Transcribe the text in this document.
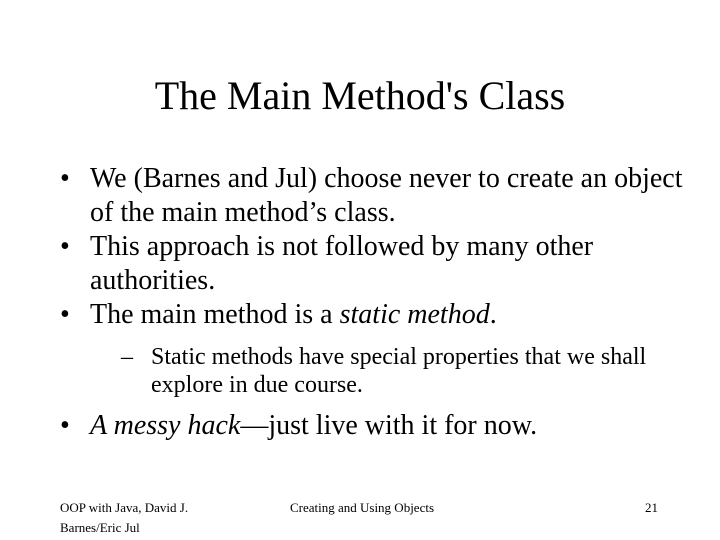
The Main Method's Class
• We (Barnes and Jul) choose never to create an object of the main method’s class.
• This approach is not followed by many other authorities.
• The main method is a static method.
– Static methods have special properties that we shall explore in due course.
• A messy hack—just live with it for now.
OOP with Java, David J. Barnes/Eric Jul
Creating and Using Objects	21
